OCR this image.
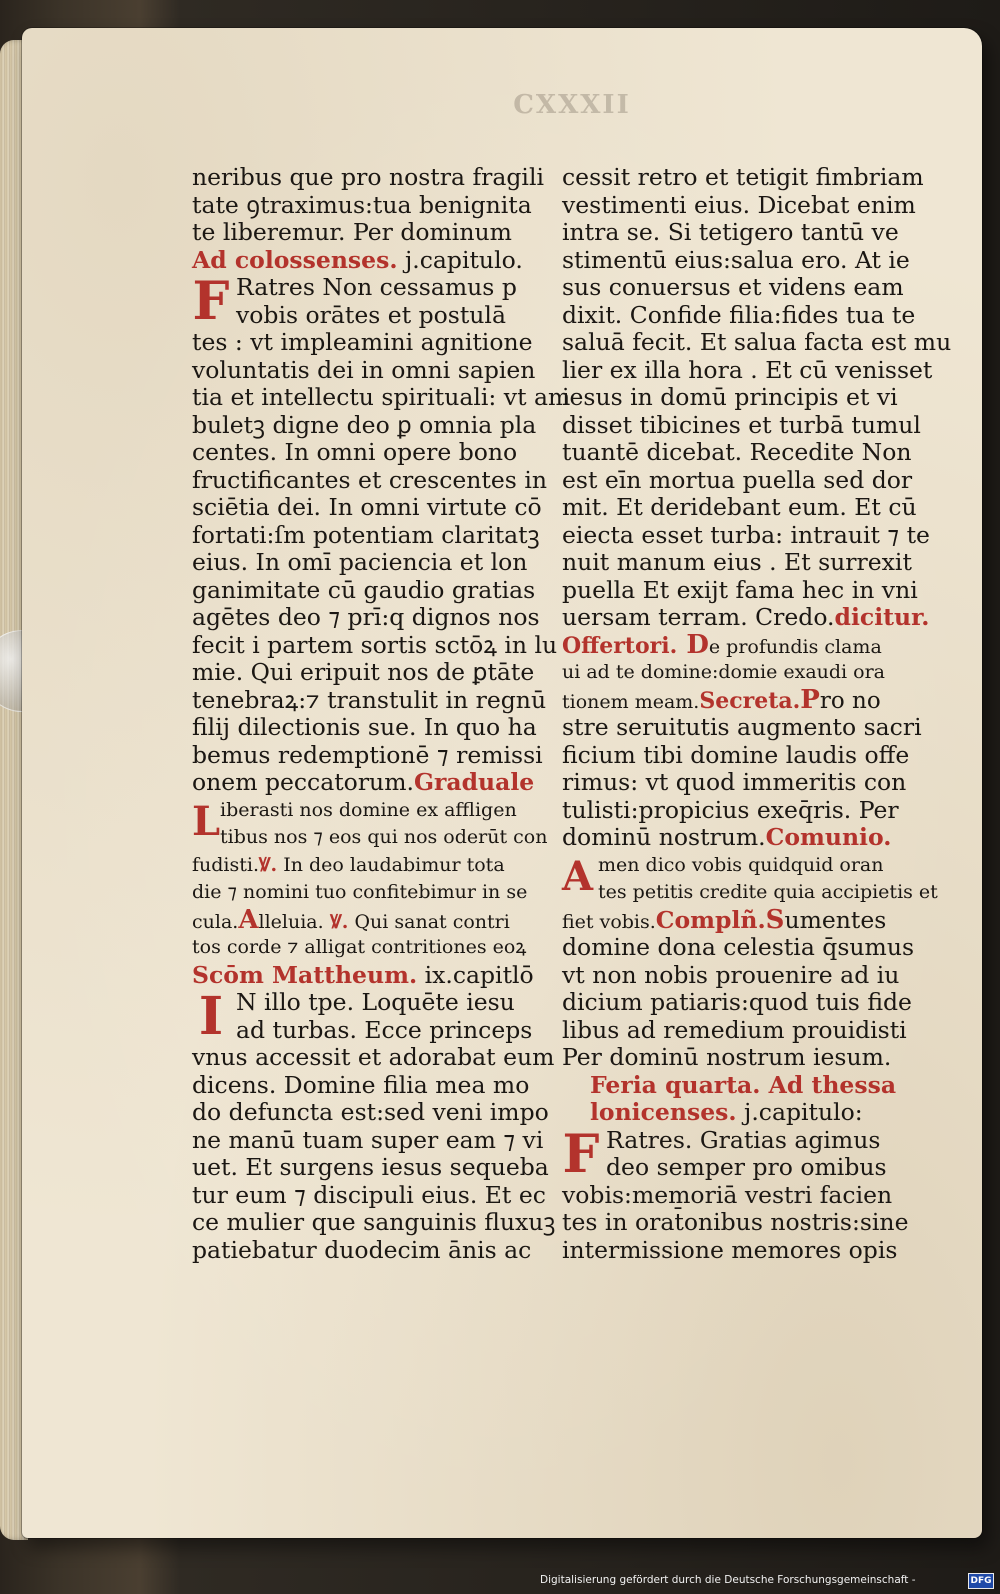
CXXXII
neribus que pro nostra fragili
tate ꝯtraximus:tua benignita
te liberemur. Per dominum
Ad colossenses. j.capitulo.
F Ratres Non cessamus p
vobis orātes et postulā
tes : vt impleamini agnitione
voluntatis dei in omni sapien
tia et intellectu spirituali: vt am
buletꝫ digne deo ꝑ omnia pla
centes. In omni opere bono
fructificantes et crescentes in
sciētia dei. In omni virtute cō
fortati:ſm potentiam claritatꝫ
eius. In omī paciencia et lon
ganimitate cū gaudio gratias
agētes deo ⁊ prī:q dignos nos
fecit i partem sortis sctōꝝ in lu
mie. Qui eripuit nos de ꝑtāte
tenebraꝝ:⁊ transtulit in regnū
filij dilectionis sue. In quo ha
bemus redemptionē ⁊ remissi
onem peccatorum.Graduale
L iberasti nos domine ex affligen
tibus nos ⁊ eos qui nos oderūt con
fudisti.Ꝟ. In deo laudabimur tota
die ⁊ nomini tuo confitebimur in se
cula.Alleluia. Ꝟ. Qui sanat contri
tos corde ⁊ alligat contritiones eoꝝ
Scōm Mattheum. ix.capitlō
I N illo tpe. Loquēte iesu
ad turbas. Ecce princeps
vnus accessit et adorabat eum
dicens. Domine filia mea mo
do defuncta est:sed veni impo
ne manū tuam super eam ⁊ vi
uet. Et surgens iesus sequeba
tur eum ⁊ discipuli eius. Et ec
ce mulier que sanguinis fluxuꝫ
patiebatur duodecim ānis ac
cessit retro et tetigit fimbriam
vestimenti eius. Dicebat enim
intra se. Si tetigero tantū ve
stimentū eius:salua ero. At ie
sus conuersus et videns eam
dixit. Confide filia:fides tua te
saluā fecit. Et salua facta est mu
lier ex illa hora . Et cū venisset
iesus in domū principis et vi
disset tibicines et turbā tumul
tuantē dicebat. Recedite Non
est eīn mortua puella sed dor
mit. Et deridebant eum. Et cū
eiecta esset turba: intrauit ⁊ te
nuit manum eius . Et surrexit
puella Et exijt fama hec in vni
uersam terram. Credo.dicitur.
Offertori. De profundis clama
ui ad te domine:domie exaudi ora
tionem meam.Secreta.Pro no
stre seruitutis augmento sacri
ficium tibi domine laudis offe
rimus: vt quod immeritis con
tulisti:propicius exeq̄ris. Per
dominū nostrum.Comunio.
A men dico vobis quidquid oran
tes petitis credite quia accipietis et
fiet vobis.Complñ.Sumentes
domine dona celestia q̄sumus
vt non nobis prouenire ad iu
dicium patiaris:quod tuis fide
libus ad remedium prouidisti
Per dominū nostrum iesum.
Feria quarta. Ad thessa
lonicenses. j.capitulo:
F Ratres. Gratias agimus
deo semper pro omibus
vobis:memoriā vestri facien
tes in orat̄onibus nostris:sine
intermissione memores opis
Digitalisierung gefördert durch die Deutsche Forschungsgemeinschaft -	DFG
